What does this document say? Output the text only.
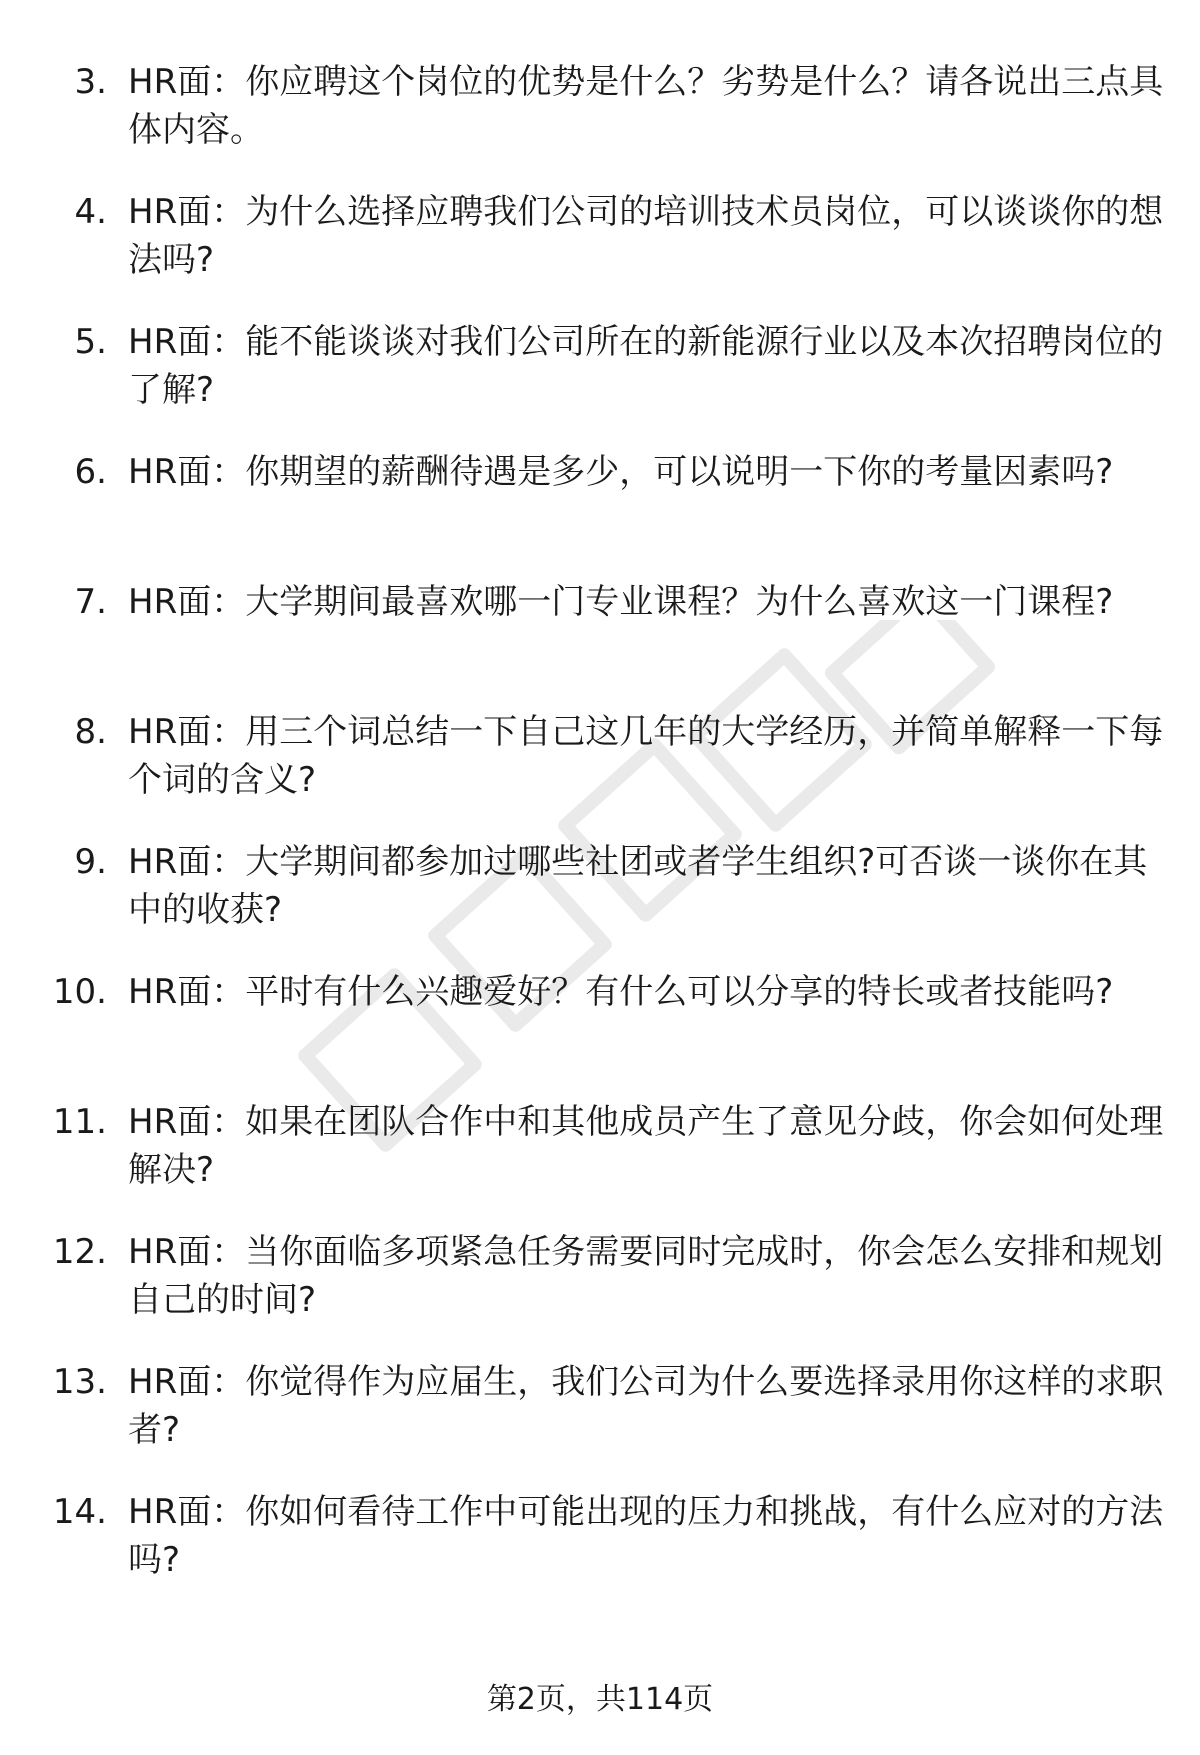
3. HR面：你应聘这个岗位的优势是什么？劣势是什么？请各说出三点具体内容。
4. HR面：为什么选择应聘我们公司的培训技术员岗位，可以谈谈你的想法吗?
5. HR面：能不能谈谈对我们公司所在的新能源行业以及本次招聘岗位的了解?
6. HR面：你期望的薪酬待遇是多少，可以说明一下你的考量因素吗?
7. HR面：大学期间最喜欢哪一门专业课程？为什么喜欢这一门课程?
8. HR面：用三个词总结一下自己这几年的大学经历，并简单解释一下每个词的含义?
9. HR面：大学期间都参加过哪些社团或者学生组织?可否谈一谈你在其中的收获?
10. HR面：平时有什么兴趣爱好？有什么可以分享的特长或者技能吗?
11. HR面：如果在团队合作中和其他成员产生了意见分歧，你会如何处理解决?
12. HR面：当你面临多项紧急任务需要同时完成时，你会怎么安排和规划自己的时间?
13. HR面：你觉得作为应届生，我们公司为什么要选择录用你这样的求职者?
14. HR面：你如何看待工作中可能出现的压力和挑战，有什么应对的方法吗?
第2页，共114页
